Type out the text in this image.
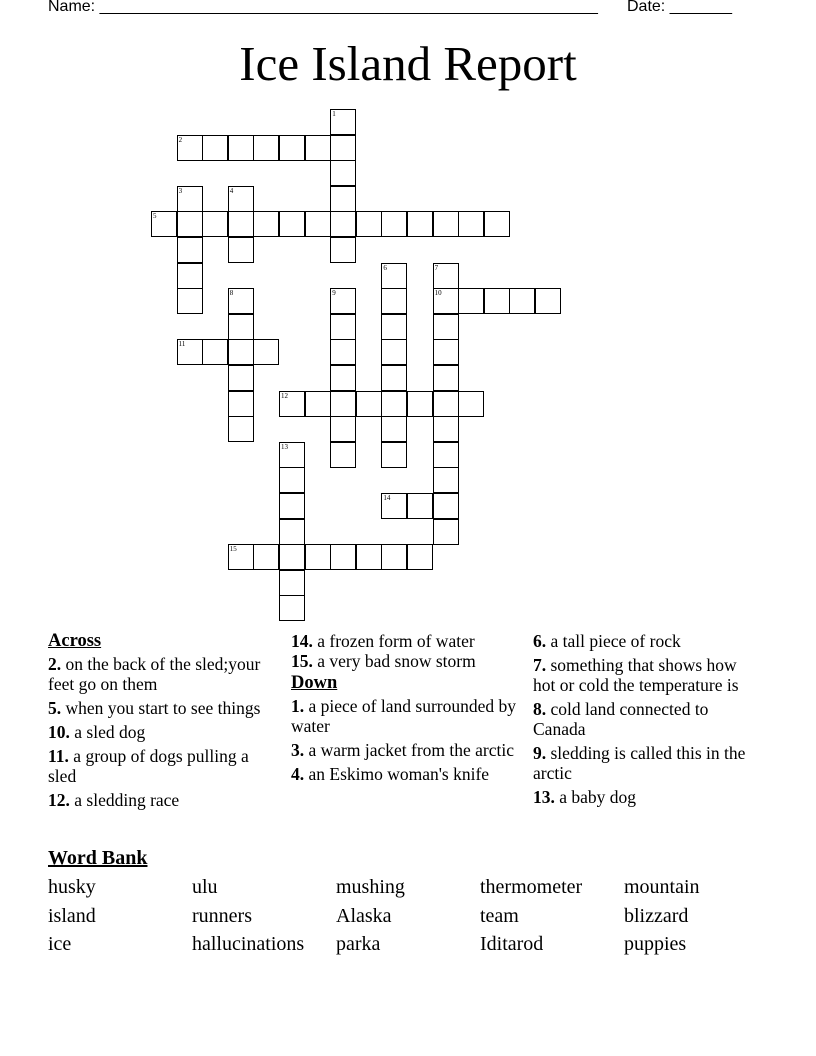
Name: ________________________________________________________ Date: _______
Ice Island Report
2
5
10
11
12
14
15
1
3	4
6	7
8	9
13
Across
2. on the back of the sled;your feet go on them
5. when you start to see things
10. a sled dog
11. a group of dogs pulling a sled
12. a sledding race
14. a frozen form of water
15. a very bad snow storm
Down
1. a piece of land surrounded by water
3. a warm jacket from the arctic
4. an Eskimo woman's knife
6. a tall piece of rock
7. something that shows how hot or cold the temperature is
8. cold land connected to Canada
9. sledding is called this in the arctic
13. a baby dog
Word Bank
husky	ulu	mushing	thermometer	mountain
island	runners	Alaska	team	blizzard
ice	hallucinations	parka	Iditarod	puppies
